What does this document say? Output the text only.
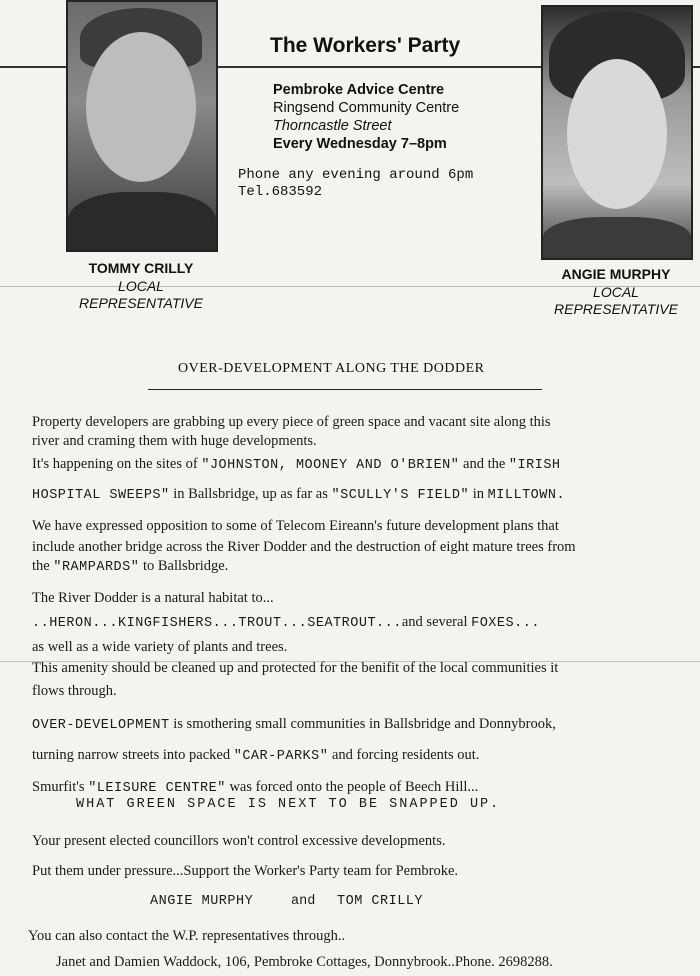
The Workers' Party
Pembroke Advice Centre
Ringsend Community Centre
Thorncastle Street
Every Wednesday 7–8pm
Phone any evening around 6pm
Tel.683592
TOMMY CRILLY
LOCAL
REPRESENTATIVE
ANGIE MURPHY
LOCAL
REPRESENTATIVE
OVER-DEVELOPMENT ALONG THE DODDER
Property developers are grabbing up every piece of green space and vacant site along this
river and craming them with huge developments.
It's happening on the sites of "JOHNSTON, MOONEY AND O'BRIEN" and the "IRISH
HOSPITAL SWEEPS" in Ballsbridge, up as far as "SCULLY'S FIELD" in MILLTOWN.
We have expressed opposition to some of Telecom Eireann's future development plans that
include another bridge across the River Dodder and the destruction of eight mature trees from
the "RAMPARDS" to Ballsbridge.
The River Dodder is a natural habitat to...
..HERON...KINGFISHERS...TROUT...SEATROUT...and several FOXES...
as well as a wide variety of plants and trees.
This amenity should be cleaned up and protected for the benifit of the local communities it
flows through.
OVER-DEVELOPMENT is smothering small communities in Ballsbridge and Donnybrook,
turning narrow streets into packed "CAR-PARKS" and forcing residents out.
Smurfit's "LEISURE CENTRE" was forced onto the people of Beech Hill...
WHAT GREEN SPACE IS NEXT TO BE SNAPPED UP.
Your present elected councillors won't control excessive developments.
Put them under pressure...Support the Worker's Party team for Pembroke.
ANGIE MURPHY	and TOM CRILLY
You can also contact the W.P. representatives through..
Janet and Damien Waddock, 106, Pembroke Cottages, Donnybrook..Phone. 2698288.
